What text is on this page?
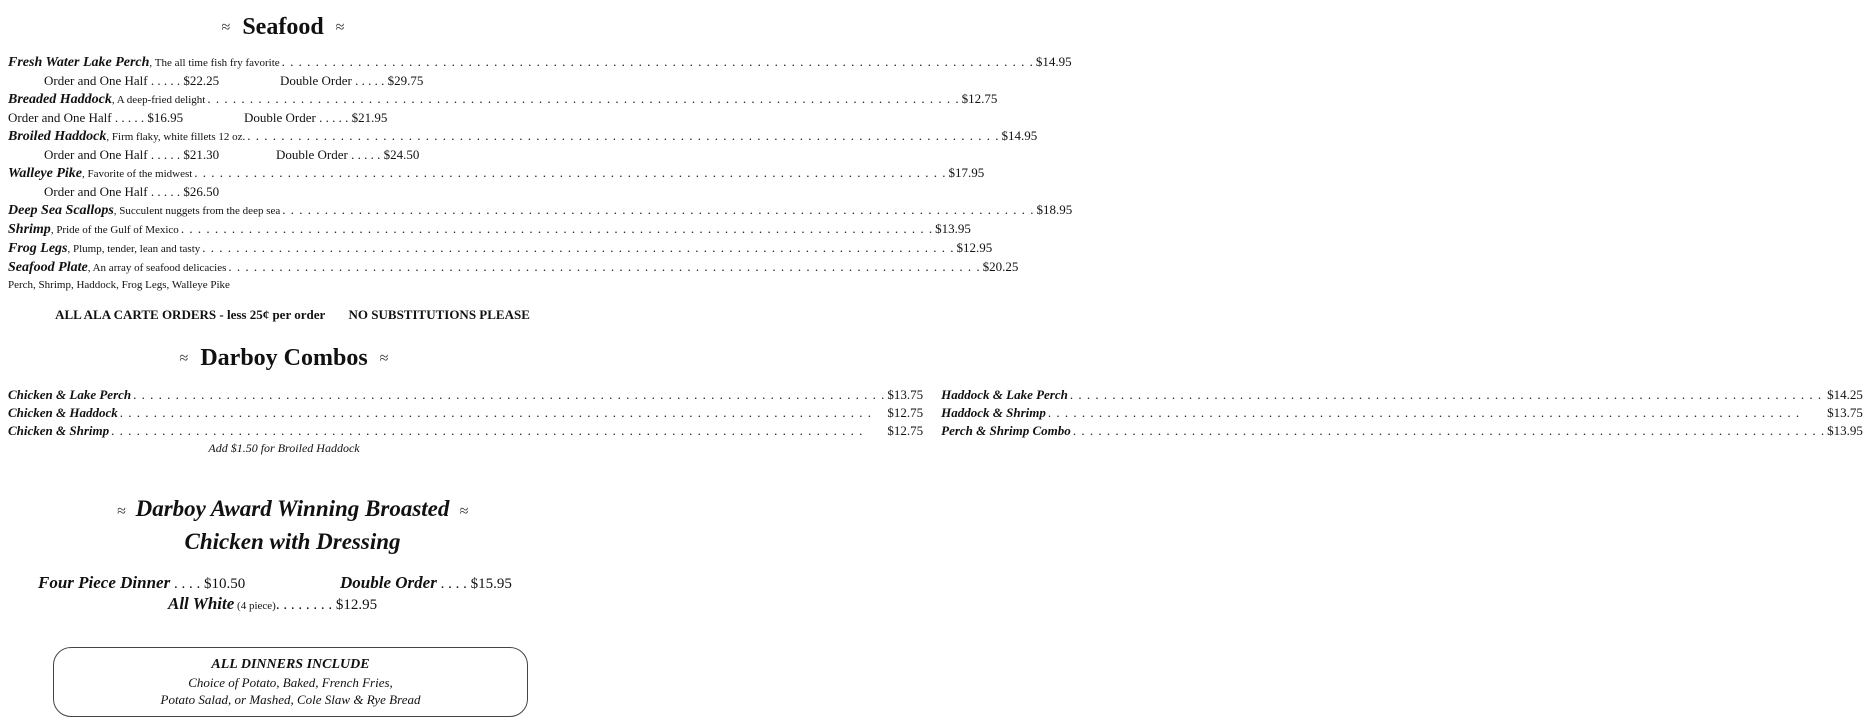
≈ Seafood ≈
Fresh Water Lake Perch , The all time fish fry favorite . . .	$14.95
Order and One Half . . . . . $22.25	Double Order . . . . . $29.75
Breaded Haddock , A deep-fried delight . . .	$12.75
Order and One Half . . . . . $16.95	Double Order . . . . . $21.95
Broiled Haddock , Firm flaky, white fillets 12 oz. . . .	$14.95
Order and One Half . . . . . $21.30	Double Order . . . . . $24.50
Walleye Pike , Favorite of the midwest . . .	$17.95
Order and One Half . . . . . $26.50
Deep Sea Scallops , Succulent nuggets from the deep sea . . .	$18.95
Shrimp , Pride of the Gulf of Mexico . . .	$13.95
Frog Legs , Plump, tender, lean and tasty . . .	$12.95
Seafood Plate , An array of seafood delicacies . . .	$20.25
Perch, Shrimp, Haddock, Frog Legs, Walleye Pike
ALL ALA CARTE ORDERS - less 25¢ per order NO SUBSTITUTIONS PLEASE
≈ Darboy Combos ≈
Chicken & Lake Perch . . .	$13.75 Haddock & Lake Perch . . .	$14.25
Chicken & Haddock . . .	$12.75 Haddock & Shrimp . . .	$13.75
Chicken & Shrimp . . .	$12.75 Perch & Shrimp Combo . . .	$13.95
Add $1.50 for Broiled Haddock
≈ Darboy Award Winning Broasted ≈
Chicken with Dressing
Four Piece Dinner . . . . $10.50	Double Order . . . . $15.95
All White (4 piece). . . . . . . . $12.95
ALL DINNERS INCLUDE
Choice of Potato, Baked, French Fries,
Potato Salad, or Mashed, Cole Slaw & Rye Bread
